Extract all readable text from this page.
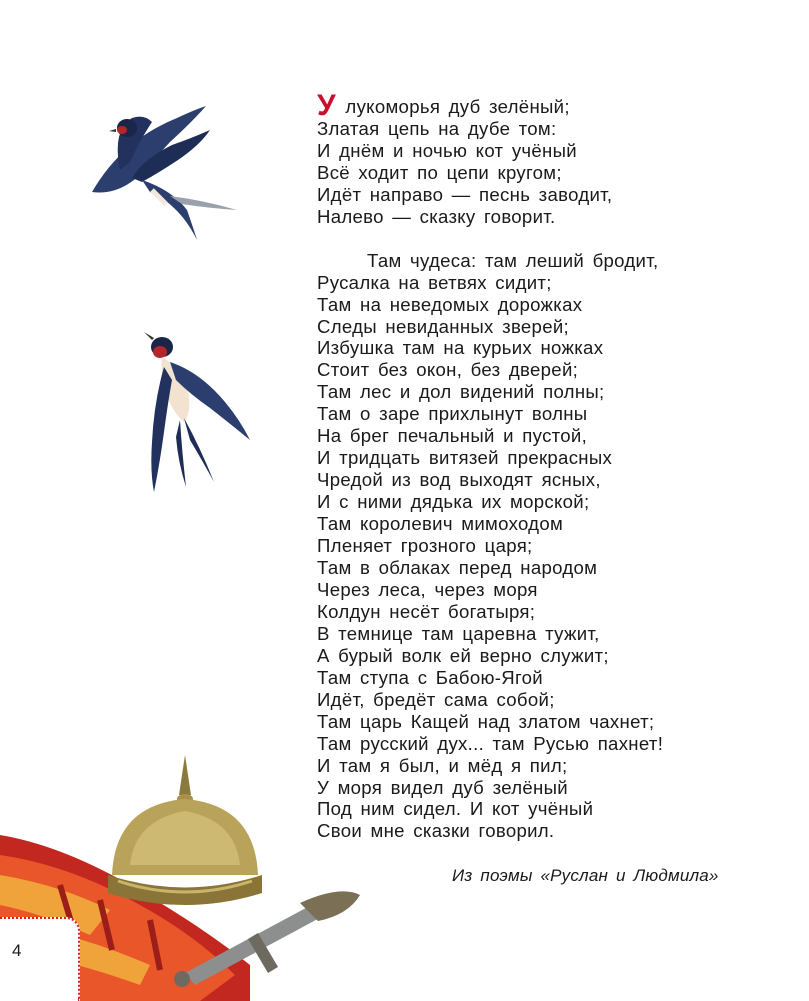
У лукоморья дуб зелёный;
Златая цепь на дубе том:
И днём и ночью кот учёный
Всё ходит по цепи кругом;
Идёт направо — песнь заводит,
Налево — сказку говорит.
Там чудеса: там леший бродит,
Русалка на ветвях сидит;
Там на неведомых дорожках
Следы невиданных зверей;
Избушка там на курьих ножках
Стоит без окон, без дверей;
Там лес и дол видений полны;
Там о заре прихлынут волны
На брег печальный и пустой,
И тридцать витязей прекрасных
Чредой из вод выходят ясных,
И с ними дядька их морской;
Там королевич мимоходом
Пленяет грозного царя;
Там в облаках перед народом
Через леса, через моря
Колдун несёт богатыря;
В темнице там царевна тужит,
А бурый волк ей верно служит;
Там ступа с Бабою-Ягой
Идёт, бредёт сама собой;
Там царь Кащей над златом чахнет;
Там русский дух... там Русью пахнет!
И там я был, и мёд я пил;
У моря видел дуб зелёный
Под ним сидел. И кот учёный
Свои мне сказки говорил.
Из поэмы «Руслан и Людмила»
4
